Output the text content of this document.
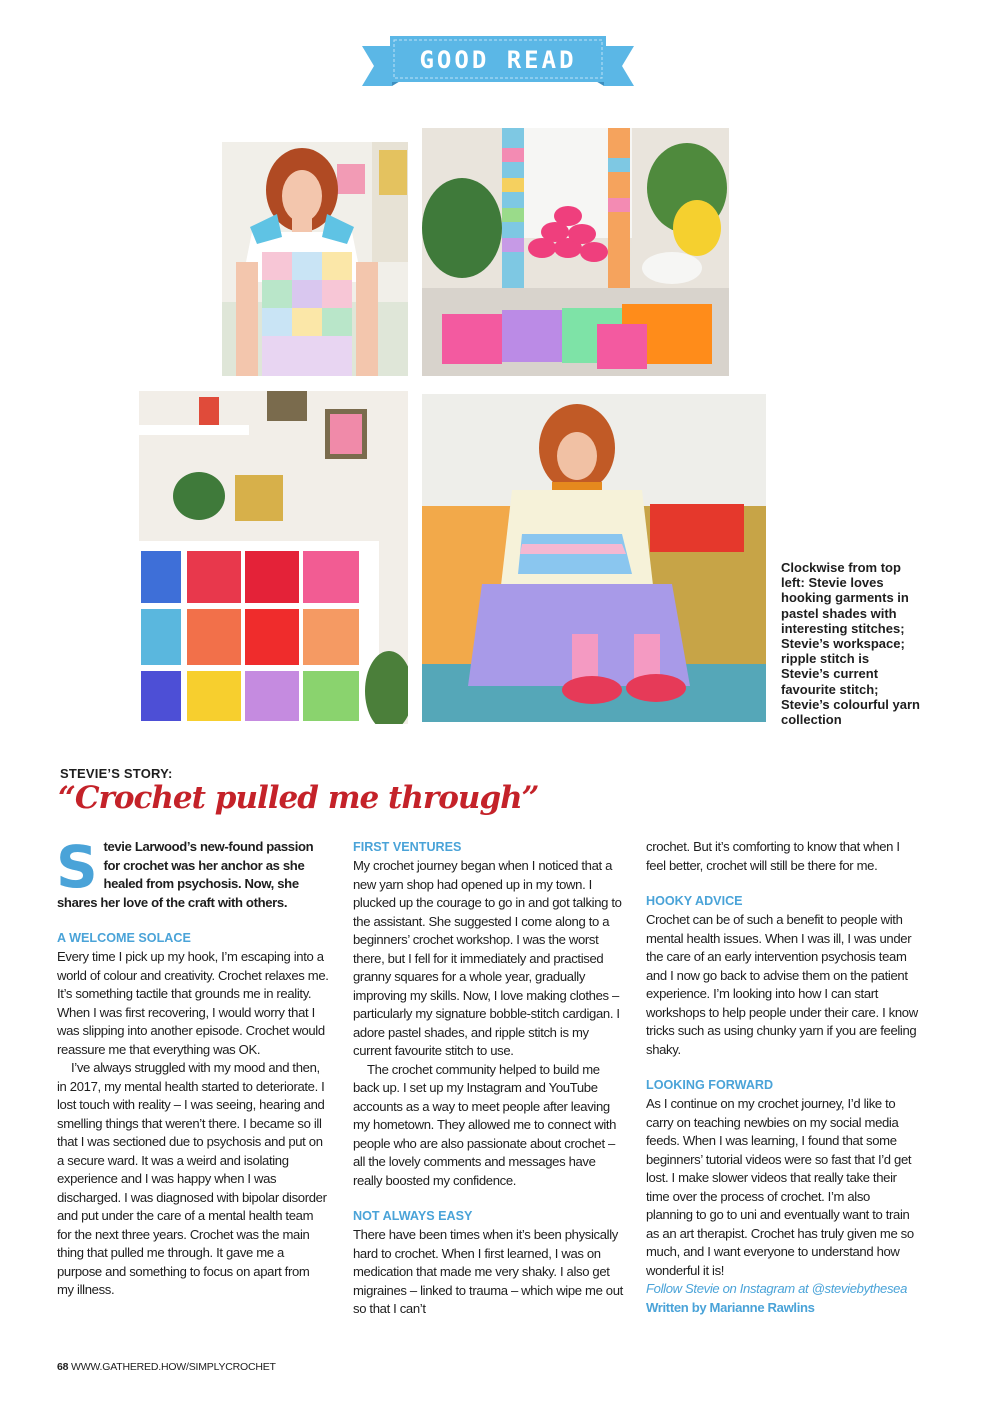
GOOD READ
Clockwise from top left: Stevie loves hooking garments in pastel shades with interesting stitches; Stevie’s workspace; ripple stitch is Stevie’s current favourite stitch; Stevie’s colourful yarn collection
STEVIE’S STORY:
“Crochet pulled me through”
S tevie Larwood’s new-found passion for crochet was her anchor as she healed from psychosis. Now, she shares her love of the craft with others.
A WELCOME SOLACE

Every time I pick up my hook, I’m escaping into a world of colour and creativity. Crochet relaxes me. It’s something tactile that grounds me in reality. When I was first recovering, I would worry that I was slipping into another episode. Crochet would reassure me that everything was OK.

I’ve always struggled with my mood and then, in 2017, my mental health started to deteriorate. I lost touch with reality – I was seeing, hearing and smelling things that weren’t there. I became so ill that I was sectioned due to psychosis and put on a secure ward. It was a weird and isolating experience and I was happy when I was discharged. I was diagnosed with bipolar disorder and put under the care of a mental health team for the next three years. Crochet was the main thing that pulled me through. It gave me a purpose and something to focus on apart from my illness.

FIRST VENTURES

My crochet journey began when I noticed that a new yarn shop had opened up in my town. I plucked up the courage to go in and got talking to the assistant. She suggested I come along to a beginners’ crochet workshop. I was the worst there, but I fell for it immediately and practised granny squares for a whole year, gradually improving my skills. Now, I love making clothes – particularly my signature bobble-stitch cardigan. I adore pastel shades, and ripple stitch is my current favourite stitch to use.

The crochet community helped to build me back up. I set up my Instagram and YouTube accounts as a way to meet people after leaving my hometown. They allowed me to connect with people who are also passionate about crochet – all the lovely comments and messages have really boosted my confidence.

NOT ALWAYS EASY

There have been times when it’s been physically hard to crochet. When I first learned, I was on medication that made me very shaky. I also get migraines – linked to trauma – which wipe me out so that I can’t

crochet. But it’s comforting to know that when I feel better, crochet will still be there for me.

HOOKY ADVICE

Crochet can be of such a benefit to people with mental health issues. When I was ill, I was under the care of an early intervention psychosis team and I now go back to advise them on the patient experience. I’m looking into how I can start workshops to help people under their care. I know tricks such as using chunky yarn if you are feeling shaky.

LOOKING FORWARD

As I continue on my crochet journey, I’d like to carry on teaching newbies on my social media feeds. When I was learning, I found that some beginners’ tutorial videos were so fast that I’d get lost. I make slower videos that really take their time over the process of crochet. I’m also planning to go to uni and eventually want to train as an art therapist. Crochet has truly given me so much, and I want everyone to understand how wonderful it is!

Follow Stevie on Instagram at @steviebythesea

Written by Marianne Rawlins

68 WWW.GATHERED.HOW/SIMPLYCROCHET
